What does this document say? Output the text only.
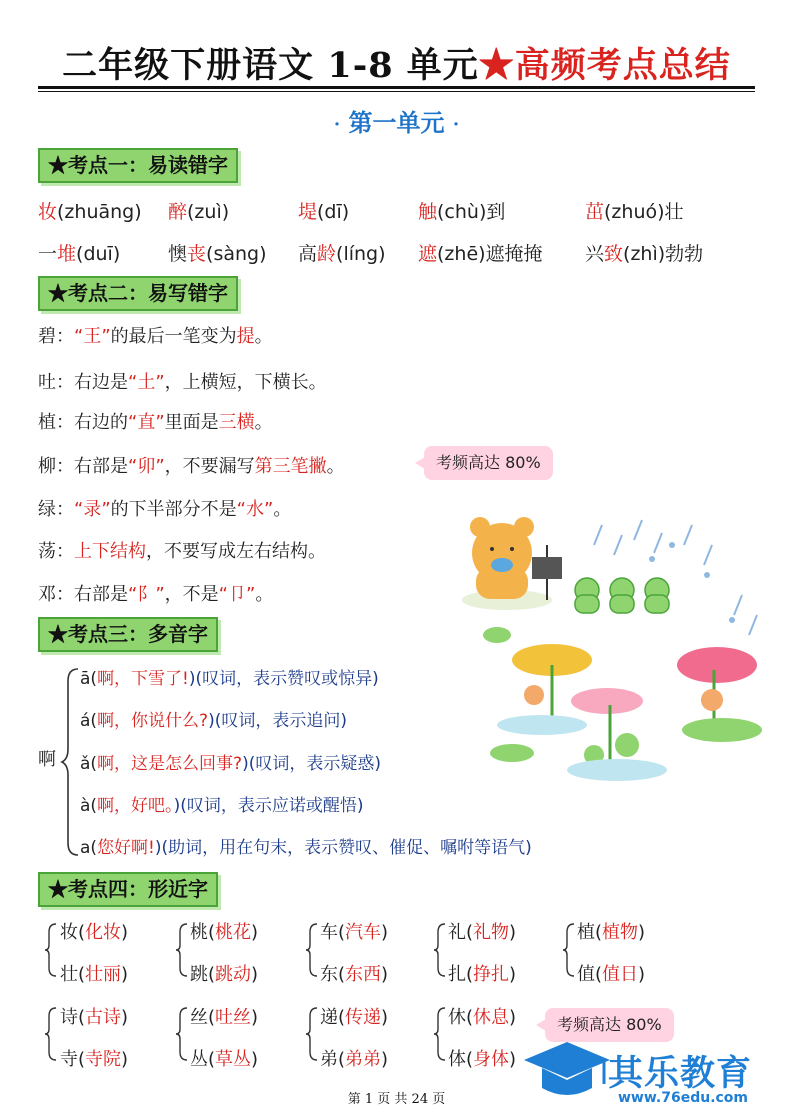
二年级下册语文 1-8 单元★高频考点总结
· 第一单元 ·
★考点一：易读错字
妆(zhuāng) 醉(zuì)	堤(dī)	触(chù)到	茁(zhuó)壮
一堆(duī)	懊丧(sàng) 高龄(líng) 遮(zhē)遮掩掩 兴致(zhì)勃勃
★考点二：易写错字
碧：“王”的最后一笔变为提。
吐：右边是“土”，上横短，下横长。
植：右边的“直”里面是三横。
柳：右部是“卯”，不要漏写第三笔撇。
绿：“录”的下半部分不是“水”。
荡：上下结构，不要写成左右结构。
邓：右部是“阝”，不是“卩”。
考频高达 80%
★考点三：多音字
啊
ā(啊，下雪了!)(叹词，表示赞叹或惊异)
á(啊，你说什么?)(叹词，表示追问)
ǎ(啊，这是怎么回事?)(叹词，表示疑惑)
à(啊，好吧。)(叹词，表示应诺或醒悟)
a(您好啊!)(助词，用在句末，表示赞叹、催促、嘱咐等语气)
★考点四：形近字
妆(化妆)
壮(壮丽)
桃(桃花)
跳(跳动)
车(汽车)
东(东西)
礼(礼物)
扎(挣扎)
植(植物)
值(值日)
诗(古诗)
寺(寺院)
丝(吐丝)
丛(草丛)
递(传递)
弟(弟弟)
休(休息)
体(身体)
考频高达 80%
其乐教育
www.76edu.com
第 1 页 共 24 页
